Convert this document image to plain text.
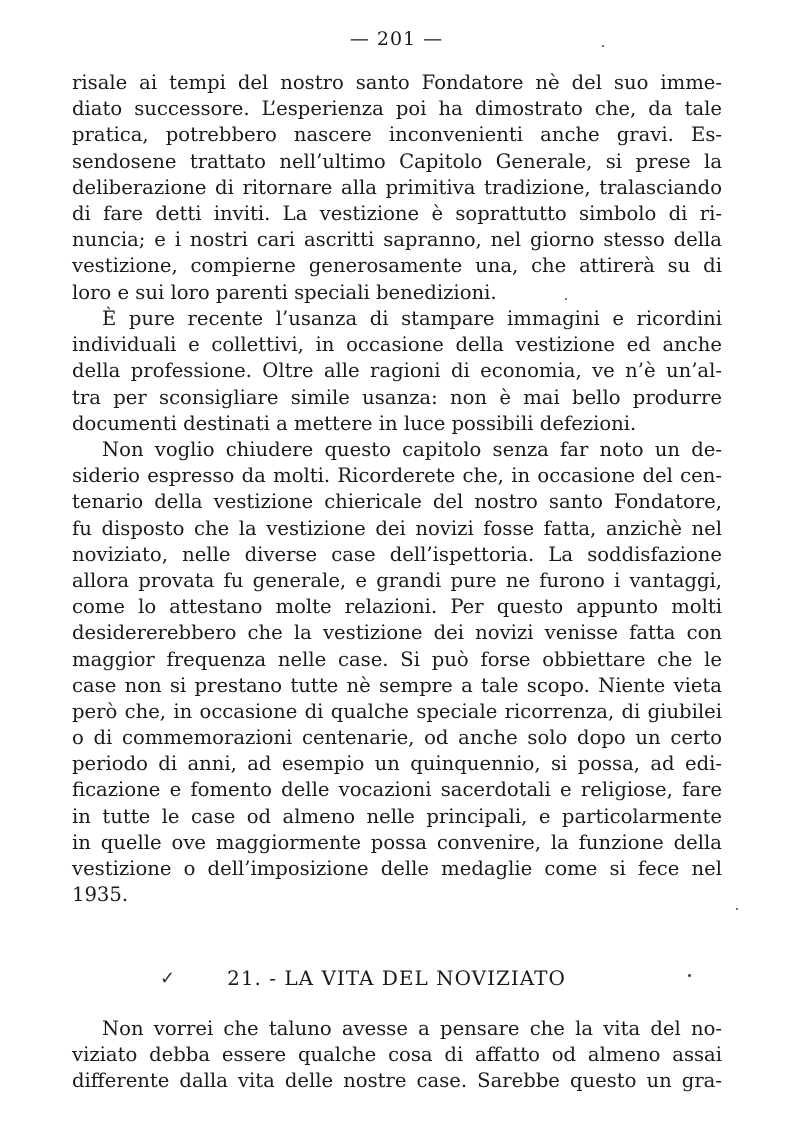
— 201 —
risale ai tempi del nostro santo Fondatore nè del suo imme-
diato successore. L’esperienza poi ha dimostrato che, da tale
pratica, potrebbero nascere inconvenienti anche gravi. Es-
sendosene trattato nell’ultimo Capitolo Generale, si prese la
deliberazione di ritornare alla primitiva tradizione, tralasciando
di fare detti inviti. La vestizione è soprattutto simbolo di ri-
nuncia; e i nostri cari ascritti sapranno, nel giorno stesso della
vestizione, compierne generosamente una, che attirerà su di
loro e sui loro parenti speciali benedizioni.
È pure recente l’usanza di stampare immagini e ricordini
individuali e collettivi, in occasione della vestizione ed anche
della professione. Oltre alle ragioni di economia, ve n’è un’al-
tra per sconsigliare simile usanza: non è mai bello produrre
documenti destinati a mettere in luce possibili defezioni.
Non voglio chiudere questo capitolo senza far noto un de-
siderio espresso da molti. Ricorderete che, in occasione del cen-
tenario della vestizione chiericale del nostro santo Fondatore,
fu disposto che la vestizione dei novizi fosse fatta, anzichè nel
noviziato, nelle diverse case dell’ispettoria. La soddisfazione
allora provata fu generale, e grandi pure ne furono i vantaggi,
come lo attestano molte relazioni. Per questo appunto molti
desidererebbero che la vestizione dei novizi venisse fatta con
maggior frequenza nelle case. Si può forse obbiettare che le
case non si prestano tutte nè sempre a tale scopo. Niente vieta
però che, in occasione di qualche speciale ricorrenza, di giubilei
o di commemorazioni centenarie, od anche solo dopo un certo
periodo di anni, ad esempio un quinquennio, si possa, ad edi-
ficazione e fomento delle vocazioni sacerdotali e religiose, fare
in tutte le case od almeno nelle principali, e particolarmente
in quelle ove maggiormente possa convenire, la funzione della
vestizione o dell’imposizione delle medaglie come si fece nel
1935.
✓	21. - LA VITA DEL NOVIZIATO
Non vorrei che taluno avesse a pensare che la vita del no-
viziato debba essere qualche cosa di affatto od almeno assai
differente dalla vita delle nostre case. Sarebbe questo un gra-
